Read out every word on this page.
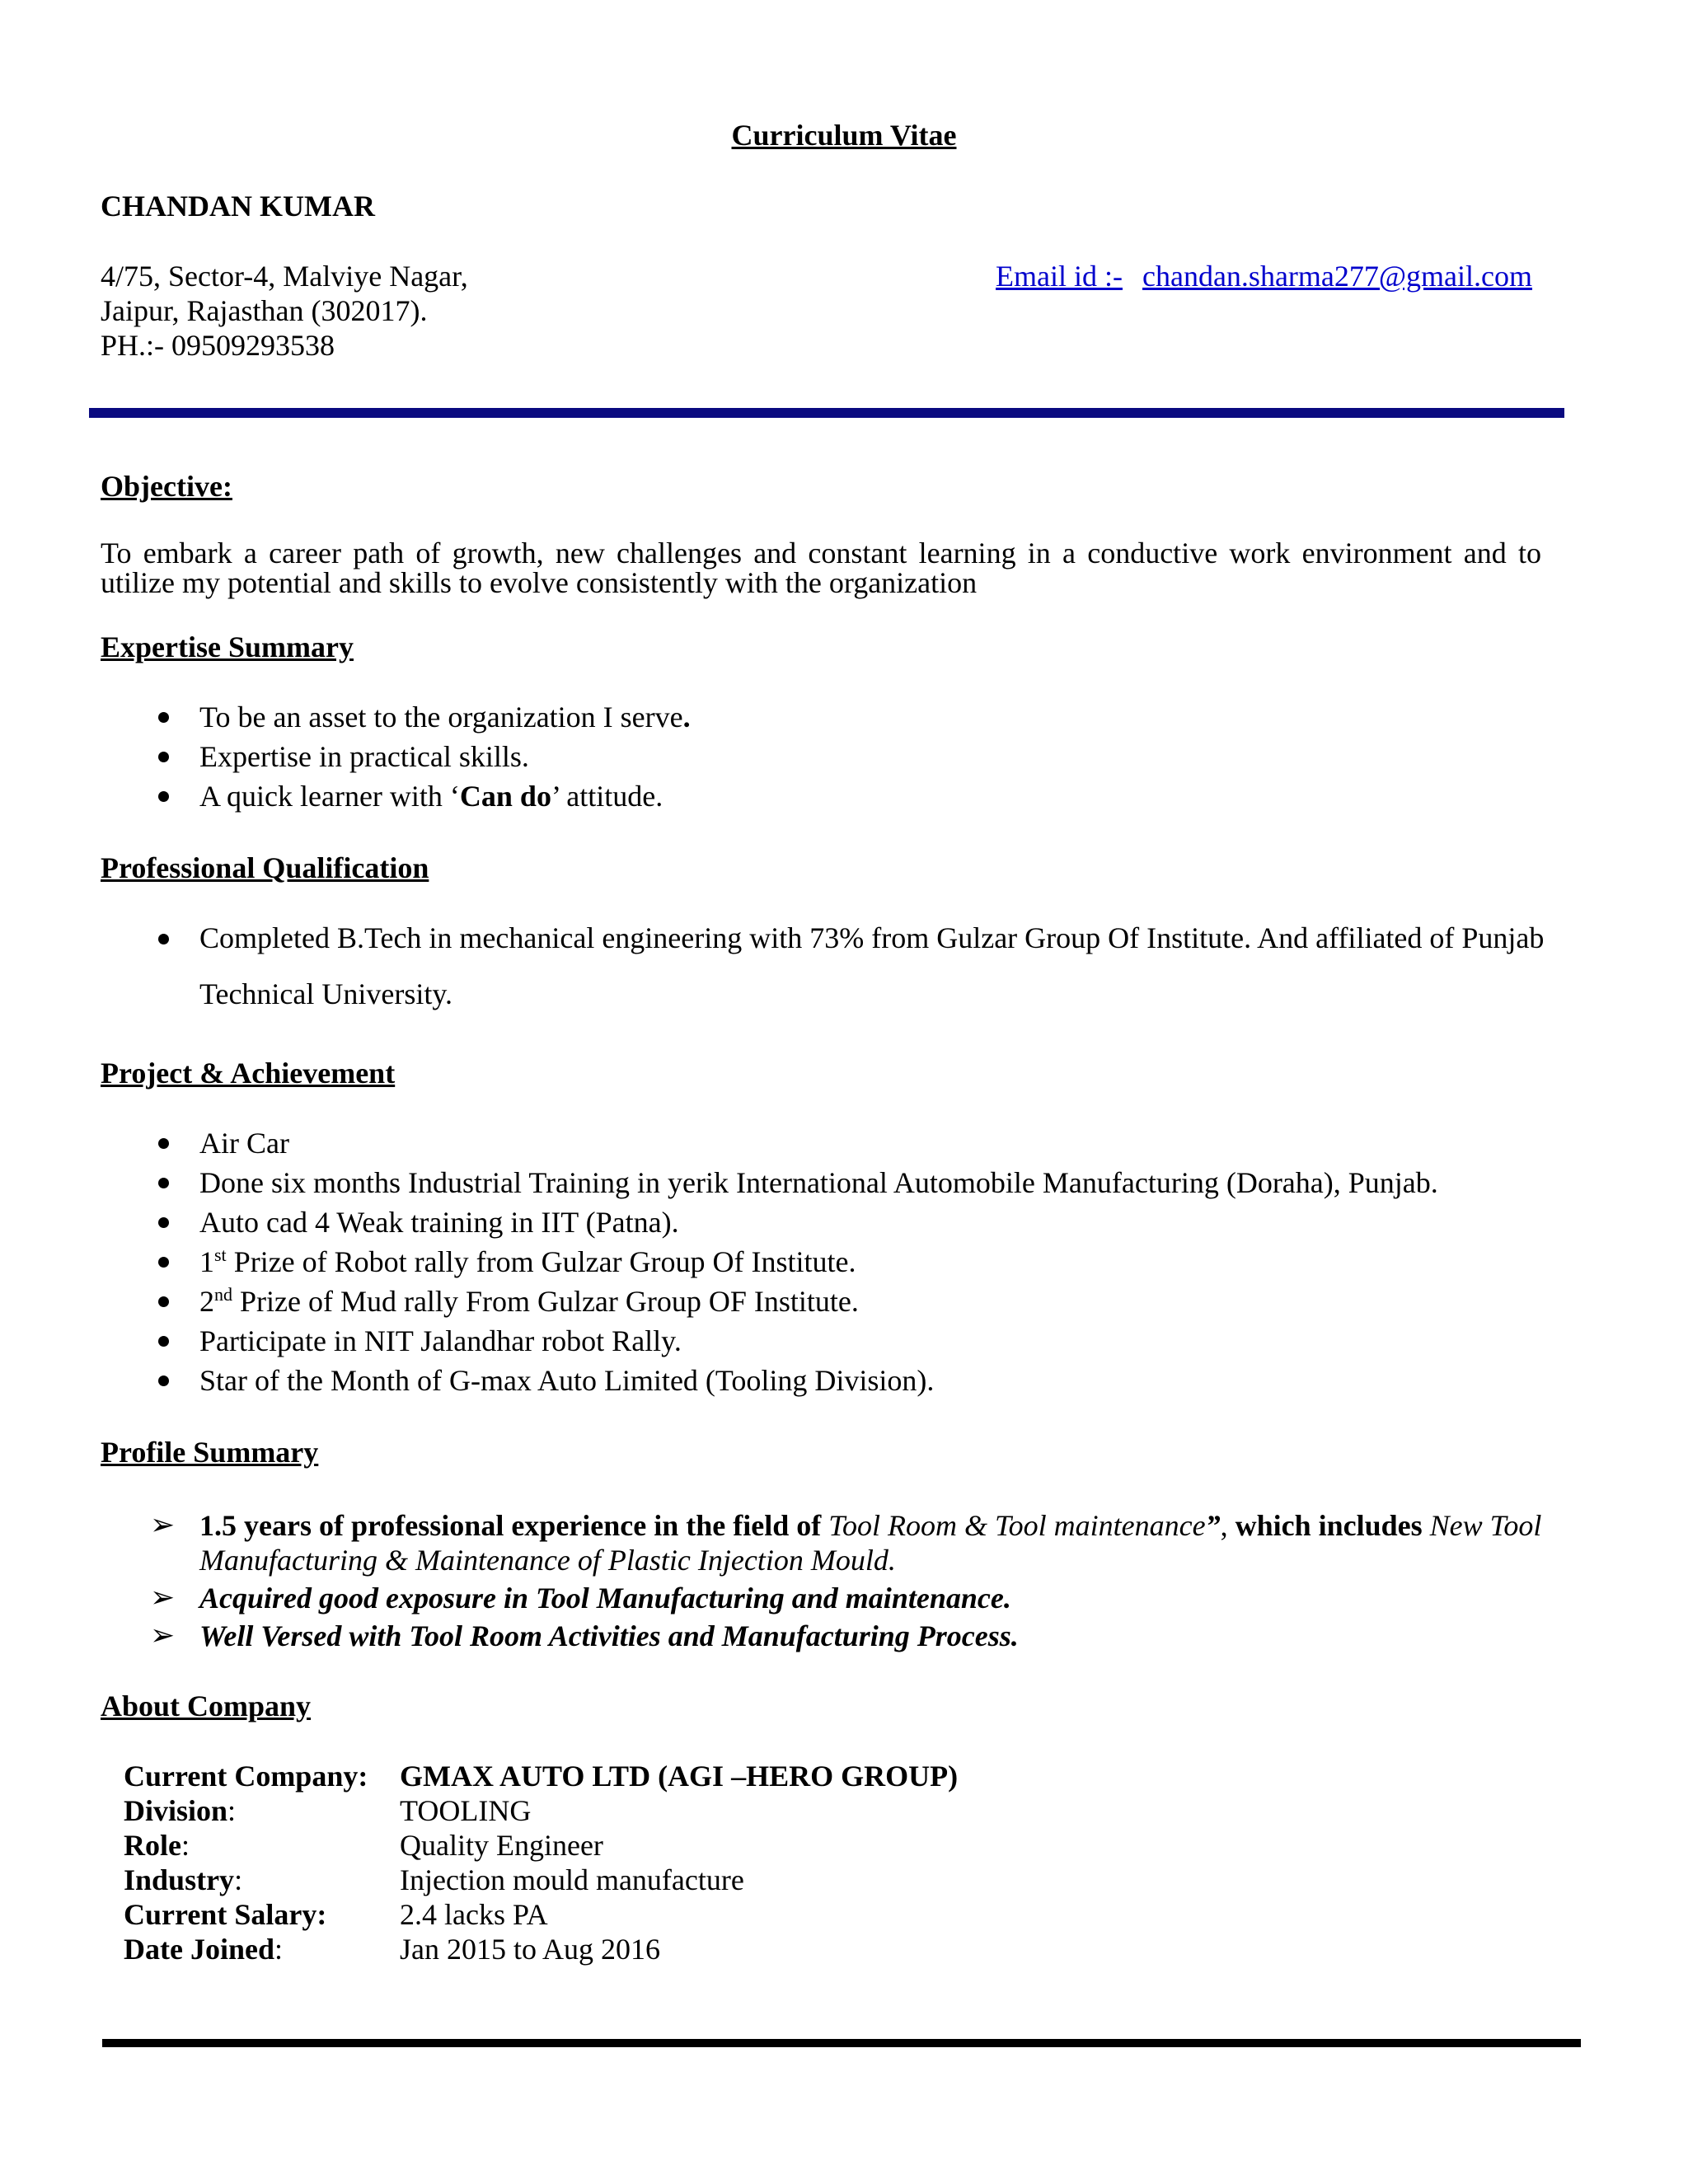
Curriculum Vitae
CHANDAN KUMAR
4/75, Sector-4, Malviye Nagar,
Jaipur, Rajasthan (302017).
PH.:- 09509293538
Email id :- chandan.sharma277@gmail.com
Objective:
To embark a career path of growth, new challenges and constant learning in a conductive work environment and to
utilize my potential and skills to evolve consistently with the organization
Expertise Summary
To be an asset to the organization I serve.
Expertise in practical skills.
A quick learner with ‘Can do’ attitude.
Professional Qualification
Completed B.Tech in mechanical engineering with 73% from Gulzar Group Of Institute. And affiliated of Punjab
Technical University.
Project & Achievement
Air Car
Done six months Industrial Training in yerik International Automobile Manufacturing (Doraha), Punjab.
Auto cad 4 Weak training in IIT (Patna).
1st Prize of Robot rally from Gulzar Group Of Institute.
2nd Prize of Mud rally From Gulzar Group OF Institute.
Participate in NIT Jalandhar robot Rally.
Star of the Month of G-max Auto Limited (Tooling Division).
Profile Summary
➢ 1.5 years of professional experience in the field of Tool Room & Tool maintenance”, which includes New Tool
Manufacturing & Maintenance of Plastic Injection Mould.
➢ Acquired good exposure in Tool Manufacturing and maintenance.
➢ Well Versed with Tool Room Activities and Manufacturing Process.
About Company
Current Company: GMAX AUTO LTD (AGI –HERO GROUP)
Division:	TOOLING
Role:	Quality Engineer
Industry:	Injection mould manufacture
Current Salary: 2.4 lacks PA
Date Joined:	Jan 2015 to Aug 2016
